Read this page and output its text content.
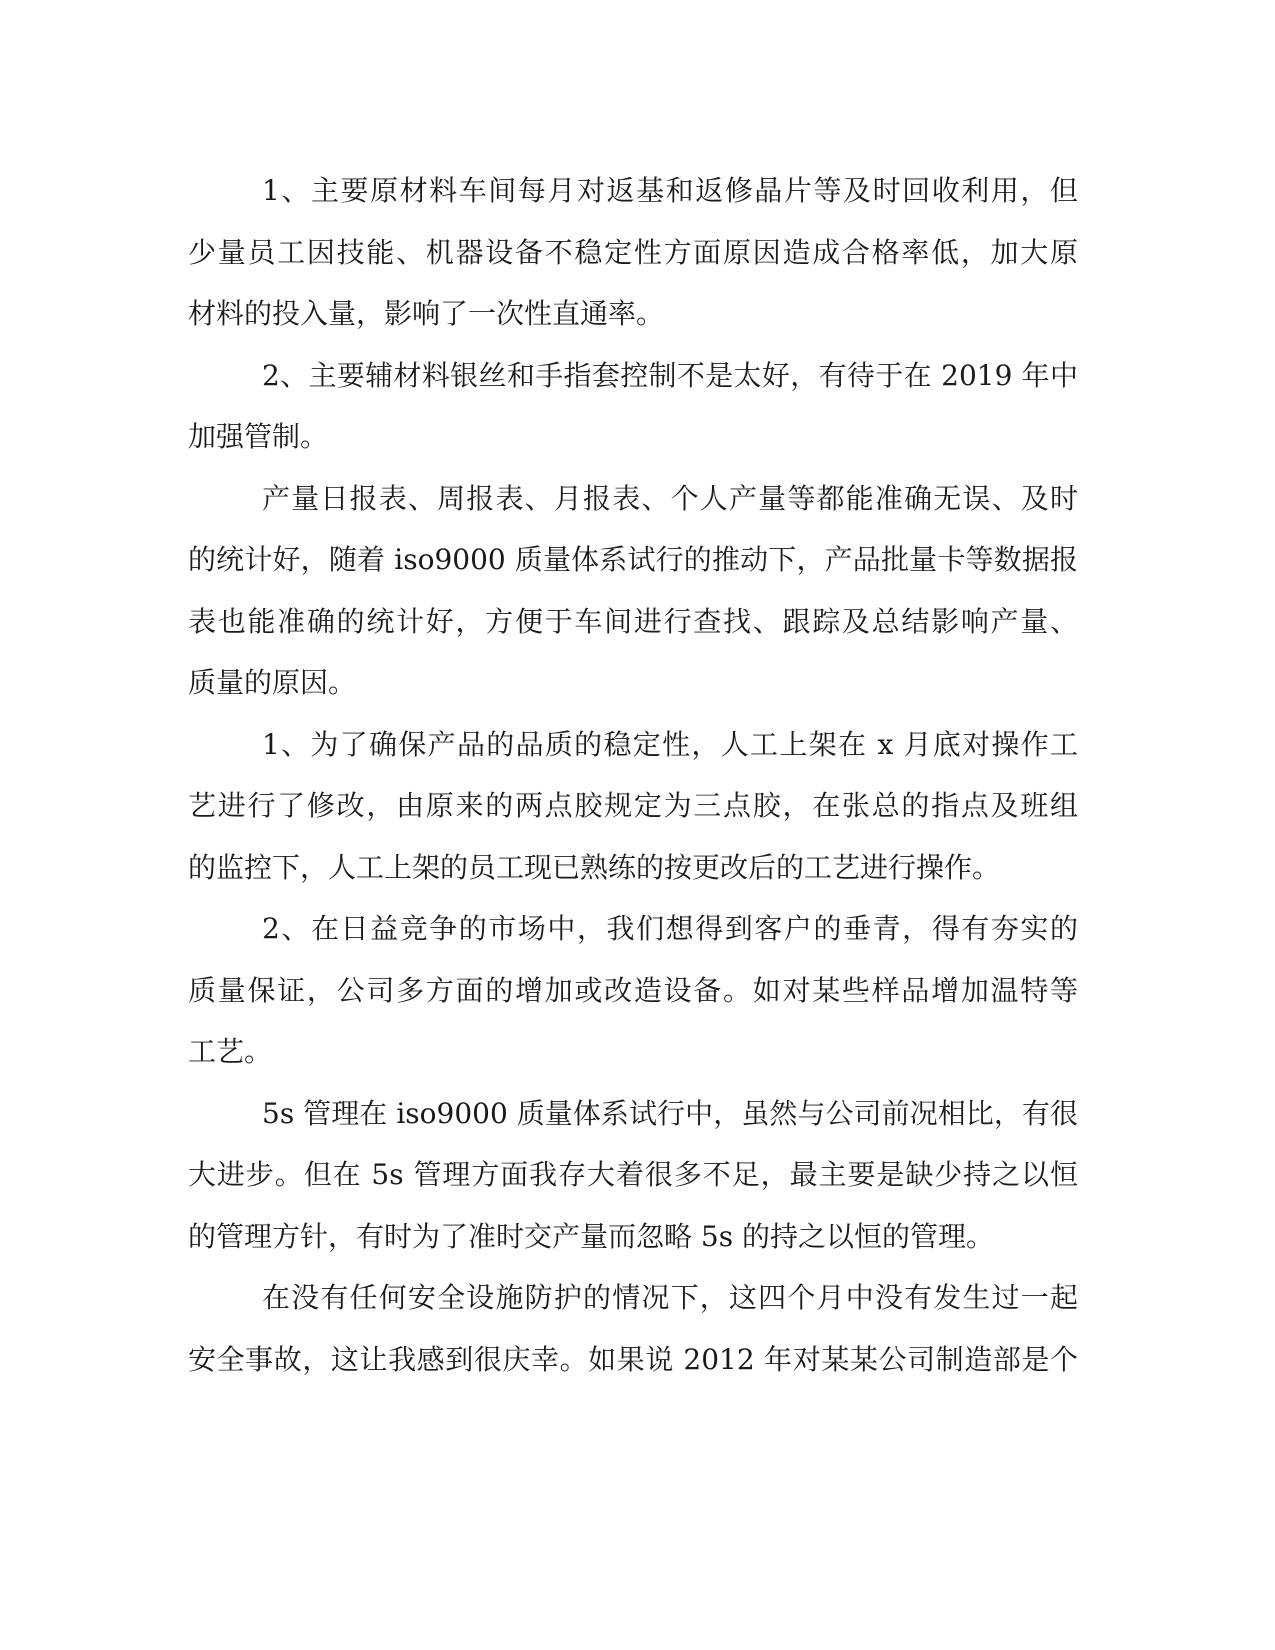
1、主要原材料车间每月对返基和返修晶片等及时回收利用，但
少量员工因技能、机器设备不稳定性方面原因造成合格率低，加大原
材料的投入量，影响了一次性直通率。
2、主要辅材料银丝和手指套控制不是太好，有待于在 2019 年中
加强管制。
产量日报表、周报表、月报表、个人产量等都能准确无误、及时
的统计好，随着 iso9000 质量体系试行的推动下，产品批量卡等数据报
表也能准确的统计好，方便于车间进行查找、跟踪及总结影响产量、
质量的原因。
1、为了确保产品的品质的稳定性，人工上架在 x 月底对操作工
艺进行了修改，由原来的两点胶规定为三点胶，在张总的指点及班组
的监控下，人工上架的员工现已熟练的按更改后的工艺进行操作。
2、在日益竞争的市场中，我们想得到客户的垂青，得有夯实的
质量保证，公司多方面的增加或改造设备。如对某些样品增加温特等
工艺。
5s 管理在 iso9000 质量体系试行中，虽然与公司前况相比，有很
大进步。但在 5s 管理方面我存大着很多不足，最主要是缺少持之以恒
的管理方针，有时为了准时交产量而忽略 5s 的持之以恒的管理。
在没有任何安全设施防护的情况下，这四个月中没有发生过一起
安全事故，这让我感到很庆幸。如果说 2012 年对某某公司制造部是个
